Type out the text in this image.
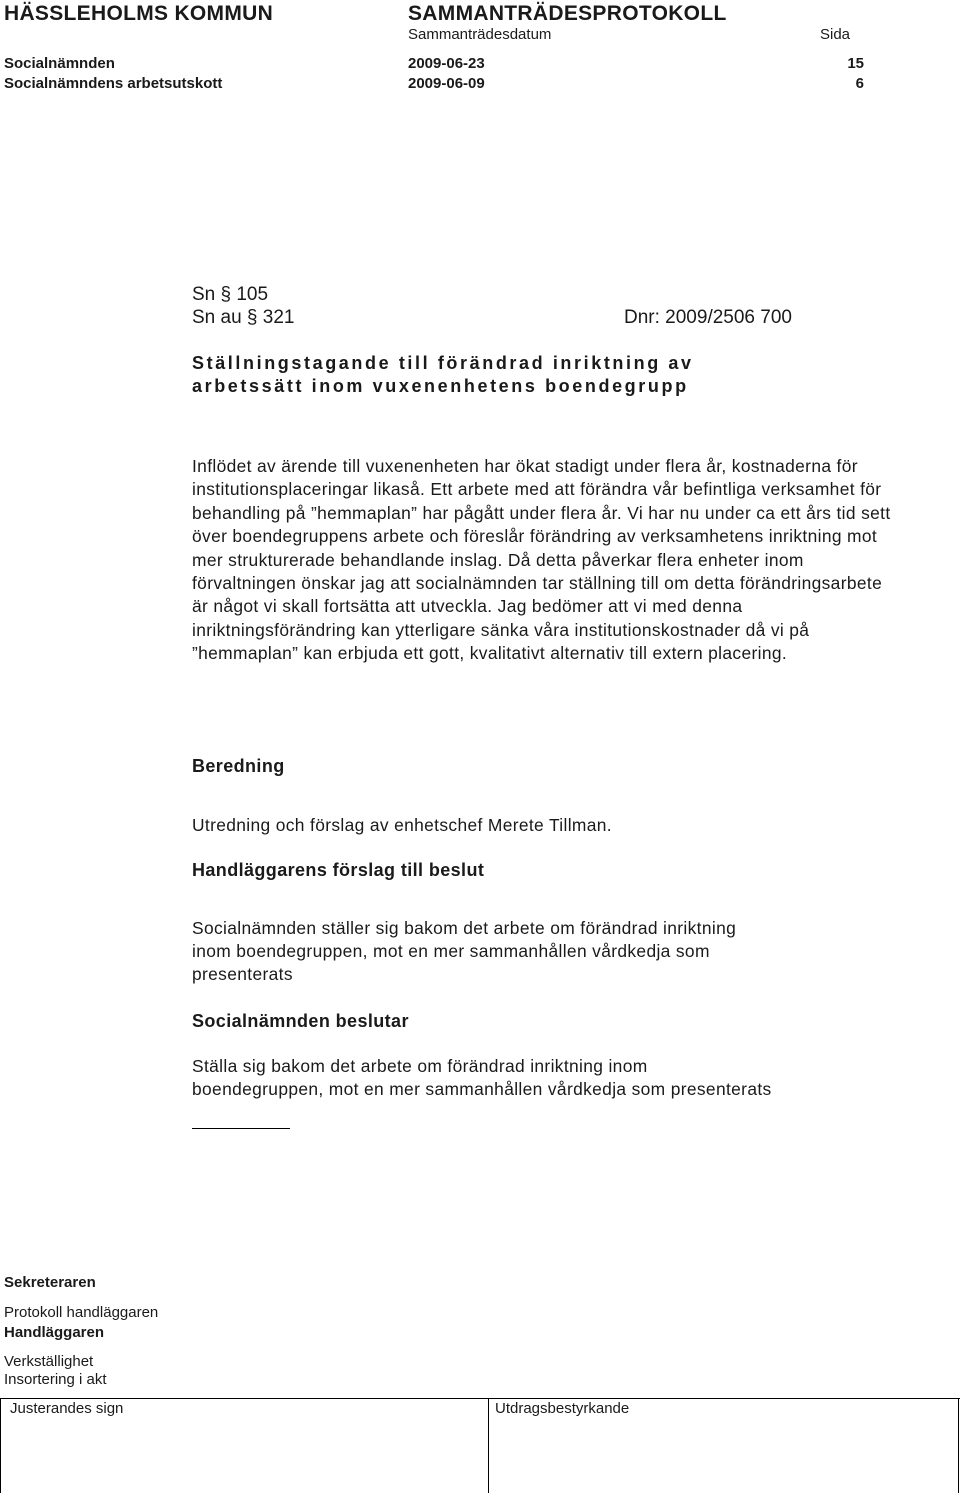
HÄSSLEHOLMS KOMMUN	SAMMANTRÄDESPROTOKOLL
Sammanträdesdatum	Sida
Socialnämnden	2009-06-23	15
Socialnämndens arbetsutskott	2009-06-09	6
Sn § 105
Sn au § 321	Dnr: 2009/2506 700
Ställningstagande till förändrad inriktning av
arbetssätt inom vuxenenhetens boendegrupp
Inflödet av ärende till vuxenenheten har ökat stadigt under flera år, kostnaderna för institutionsplaceringar likaså. Ett arbete med att förändra vår befintliga verksamhet för behandling på ”hemmaplan” har pågått under flera år. Vi har nu under ca ett års tid sett över boendegruppens arbete och föreslår förändring av verksamhetens inriktning mot mer strukturerade behandlande inslag. Då detta påverkar flera enheter inom förvaltningen önskar jag att socialnämnden tar ställning till om detta förändringsarbete är något vi skall fortsätta att utveckla. Jag bedömer att vi med denna inriktningsförändring kan ytterligare sänka våra institutionskostnader då vi på ”hemmaplan” kan erbjuda ett gott, kvalitativt alternativ till extern placering.
Beredning
Utredning och förslag av enhetschef Merete Tillman.
Handläggarens förslag till beslut
Socialnämnden ställer sig bakom det arbete om förändrad inriktning
inom boendegruppen, mot en mer sammanhållen vårdkedja som
presenterats
Socialnämnden beslutar
Ställa sig bakom det arbete om förändrad inriktning inom
boendegruppen, mot en mer sammanhållen vårdkedja som presenterats
Sekreteraren
Protokoll handläggaren
Handläggaren
Verkställighet
Insortering i akt
Justerandes sign	Utdragsbestyrkande
